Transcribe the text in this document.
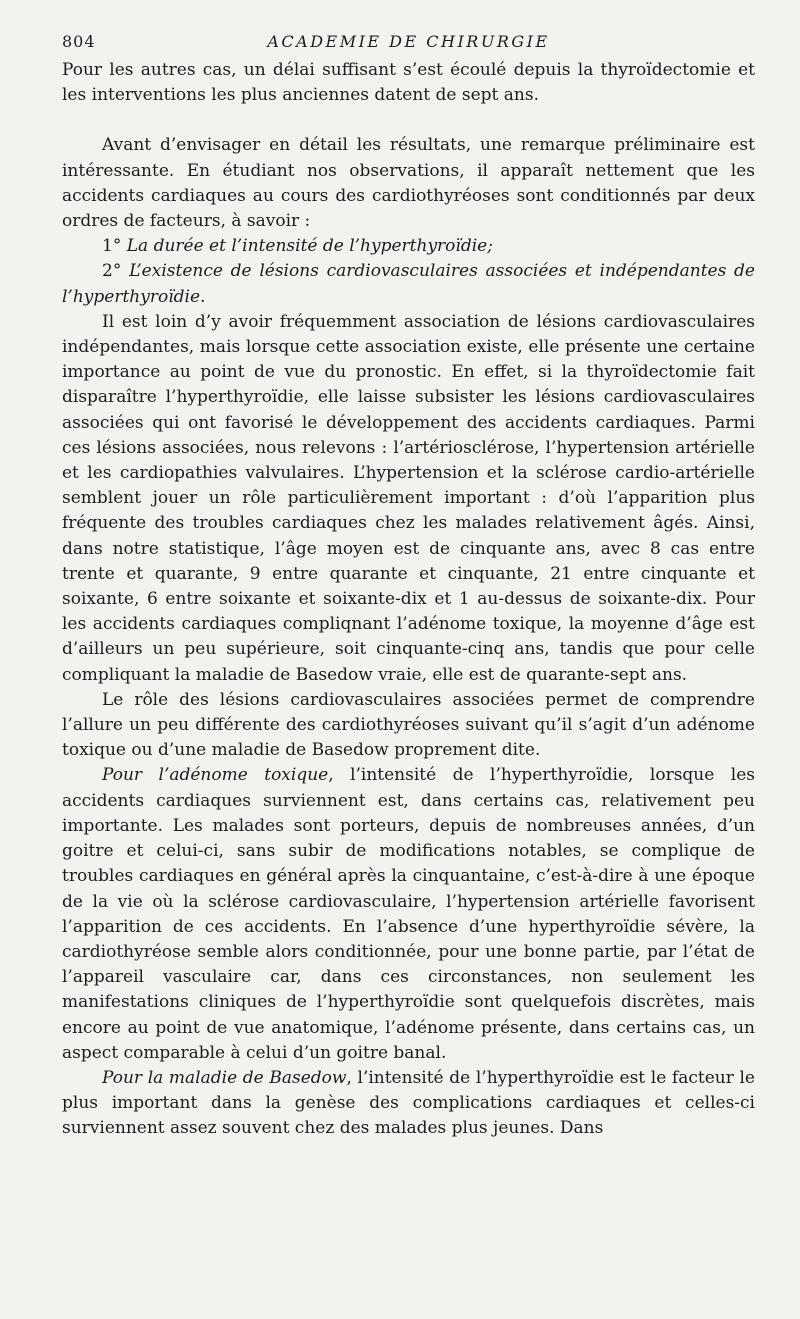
804	ACADEMIE DE CHIRURGIE

Pour les autres cas, un délai suffisant s’est écoulé depuis la thyroïdectomie et les interventions les plus anciennes datent de sept ans.

Avant d’envisager en détail les résultats, une remarque préliminaire est intéressante. En étudiant nos observations, il apparaît nettement que les accidents cardiaques au cours des cardiothyréoses sont conditionnés par deux ordres de facteurs, à savoir :

1° La durée et l’intensité de l’hyperthyroïdie;

2° L’existence de lésions cardiovasculaires associées et indépendantes de l’hyperthyroïdie.

Il est loin d’y avoir fréquemment association de lésions cardiovasculaires indépendantes, mais lorsque cette association existe, elle présente une certaine importance au point de vue du pronostic. En effet, si la thyroïdectomie fait disparaître l’hyperthyroïdie, elle laisse subsister les lésions cardiovasculaires associées qui ont favorisé le développement des accidents cardiaques. Parmi ces lésions associées, nous relevons : l’artériosclérose, l’hypertension artérielle et les cardiopathies valvulaires. L’hypertension et la sclérose cardio-artérielle semblent jouer un rôle particulièrement important : d’où l’apparition plus fréquente des troubles cardiaques chez les malades relativement âgés. Ainsi, dans notre statistique, l’âge moyen est de cinquante ans, avec 8 cas entre trente et quarante, 9 entre quarante et cinquante, 21 entre cinquante et soixante, 6 entre soixante et soixante-dix et 1 au-dessus de soixante-dix. Pour les accidents cardiaques compliqnant l’adénome toxique, la moyenne d’âge est d’ailleurs un peu supérieure, soit cinquante-cinq ans, tandis que pour celle compliquant la maladie de Basedow vraie, elle est de quarante-sept ans.

Le rôle des lésions cardiovasculaires associées permet de comprendre l’allure un peu différente des cardiothyréoses suivant qu’il s’agit d’un adénome toxique ou d’une maladie de Basedow proprement dite.

Pour l’adénome toxique, l’intensité de l’hyperthyroïdie, lorsque les accidents cardiaques surviennent est, dans certains cas, relativement peu importante. Les malades sont porteurs, depuis de nombreuses années, d’un goitre et celui-ci, sans subir de modifications notables, se complique de troubles cardiaques en général après la cinquantaine, c’est-à-dire à une époque de la vie où la sclérose cardiovasculaire, l’hypertension artérielle favorisent l’apparition de ces accidents. En l’absence d’une hyperthyroïdie sévère, la cardiothyréose semble alors conditionnée, pour une bonne partie, par l’état de l’appareil vasculaire car, dans ces circonstances, non seulement les manifestations cliniques de l’hyperthyroïdie sont quelquefois discrètes, mais encore au point de vue anatomique, l’adénome présente, dans certains cas, un aspect comparable à celui d’un goitre banal.

Pour la maladie de Basedow, l’intensité de l’hyperthyroïdie est le facteur le plus important dans la genèse des complications cardiaques et celles-ci surviennent assez souvent chez des malades plus jeunes. Dans
